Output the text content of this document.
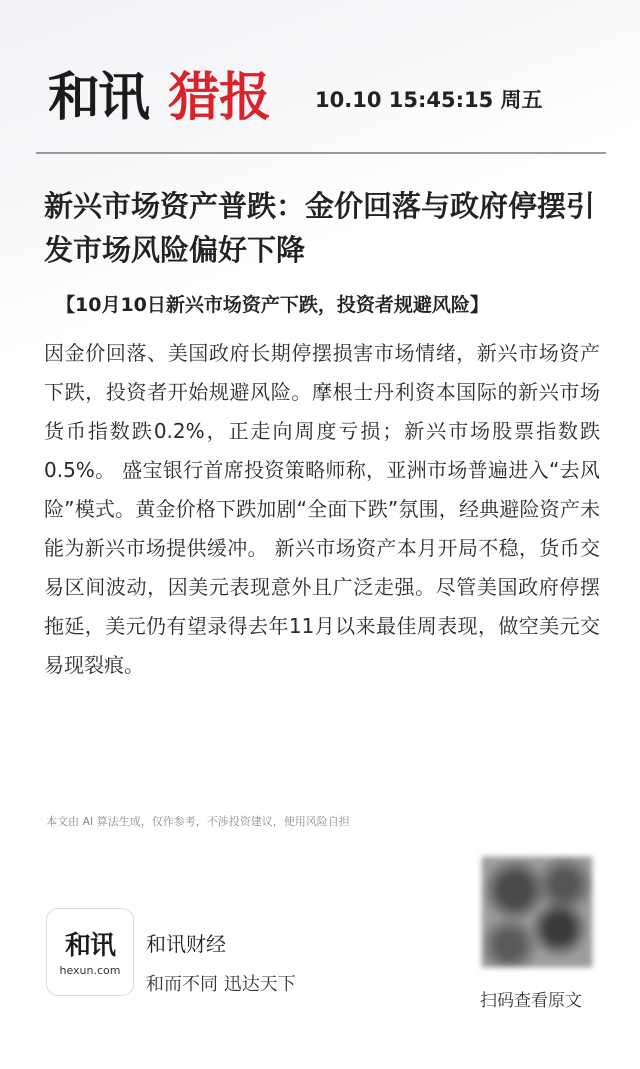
和讯 猎报 10.10 15:45:15 周五
新兴市场资产普跌：金价回落与政府停摆引发市场风险偏好下降

【10月10日新兴市场资产下跌，投资者规避风险】

因金价回落、美国政府长期停摆损害市场情绪，新兴市场资产下跌，投资者开始规避风险。摩根士丹利资本国际的新兴市场货币指数跌0.2%，正走向周度亏损；新兴市场股票指数跌0.5%。 盛宝银行首席投资策略师称，亚洲市场普遍进入“去风险”模式。黄金价格下跌加剧“全面下跌”氛围，经典避险资产未能为新兴市场提供缓冲。 新兴市场资产本月开局不稳，货币交易区间波动，因美元表现意外且广泛走强。尽管美国政府停摆拖延，美元仍有望录得去年11月以来最佳周表现，做空美元交易现裂痕。

本文由 AI 算法生成，仅作参考，不涉投资建议，使用风险自担

和讯
hexun.com
和讯财经
和而不同 迅达天下
扫码查看原文
